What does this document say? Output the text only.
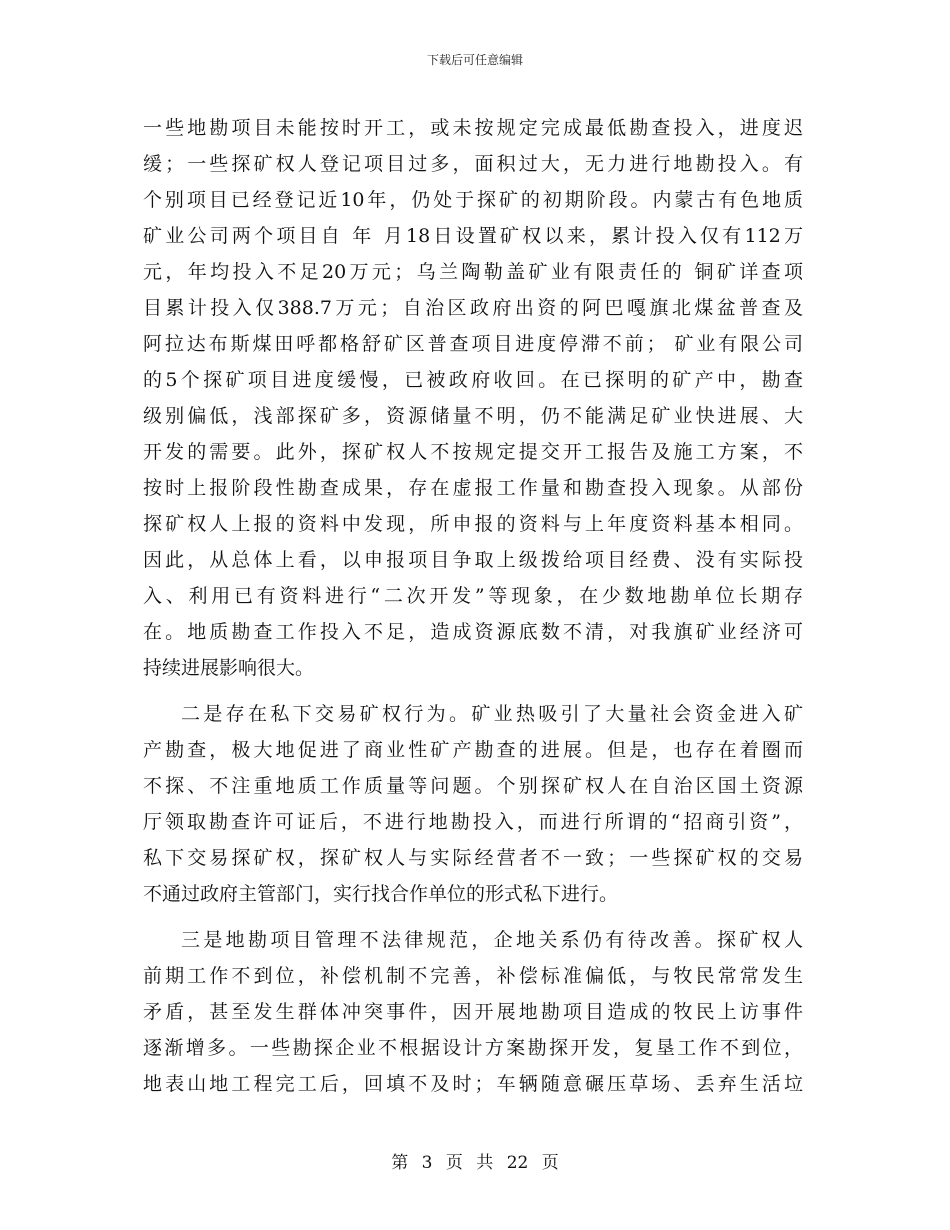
下载后可任意编辑
一些地勘项目未能按时开工，或未按规定完成最低勘查投入，进度迟
缓；一些探矿权人登记项目过多，面积过大，无力进行地勘投入。有
个别项目已经登记近10年，仍处于探矿的初期阶段。内蒙古有色地质
矿业公司两个项目自 年 月18日设置矿权以来，累计投入仅有112万
元，年均投入不足20万元；乌兰陶勒盖矿业有限责任的 铜矿详查项
目累计投入仅388.7万元；自治区政府出资的阿巴嘎旗北煤盆普查及
阿拉达布斯煤田呼都格舒矿区普查项目进度停滞不前； 矿业有限公司
的5个探矿项目进度缓慢，已被政府收回。在已探明的矿产中，勘查
级别偏低，浅部探矿多，资源储量不明，仍不能满足矿业快进展、大
开发的需要。此外，探矿权人不按规定提交开工报告及施工方案，不
按时上报阶段性勘查成果，存在虚报工作量和勘查投入现象。从部份
探矿权人上报的资料中发现，所申报的资料与上年度资料基本相同。
因此，从总体上看，以申报项目争取上级拨给项目经费、没有实际投
入、利用已有资料进行“二次开发”等现象，在少数地勘单位长期存
在。地质勘查工作投入不足，造成资源底数不清，对我旗矿业经济可
持续进展影响很大。
二是存在私下交易矿权行为。矿业热吸引了大量社会资金进入矿
产勘查，极大地促进了商业性矿产勘查的进展。但是，也存在着圈而
不探、不注重地质工作质量等问题。个别探矿权人在自治区国土资源
厅领取勘查许可证后，不进行地勘投入，而进行所谓的“招商引资”，
私下交易探矿权，探矿权人与实际经营者不一致；一些探矿权的交易
不通过政府主管部门，实行找合作单位的形式私下进行。
三是地勘项目管理不法律规范，企地关系仍有待改善。探矿权人
前期工作不到位，补偿机制不完善，补偿标准偏低，与牧民常常发生
矛盾，甚至发生群体冲突事件，因开展地勘项目造成的牧民上访事件
逐渐增多。一些勘探企业不根据设计方案勘探开发，复垦工作不到位，
地表山地工程完工后，回填不及时；车辆随意碾压草场、丢弃生活垃
第 3 页 共 22 页
